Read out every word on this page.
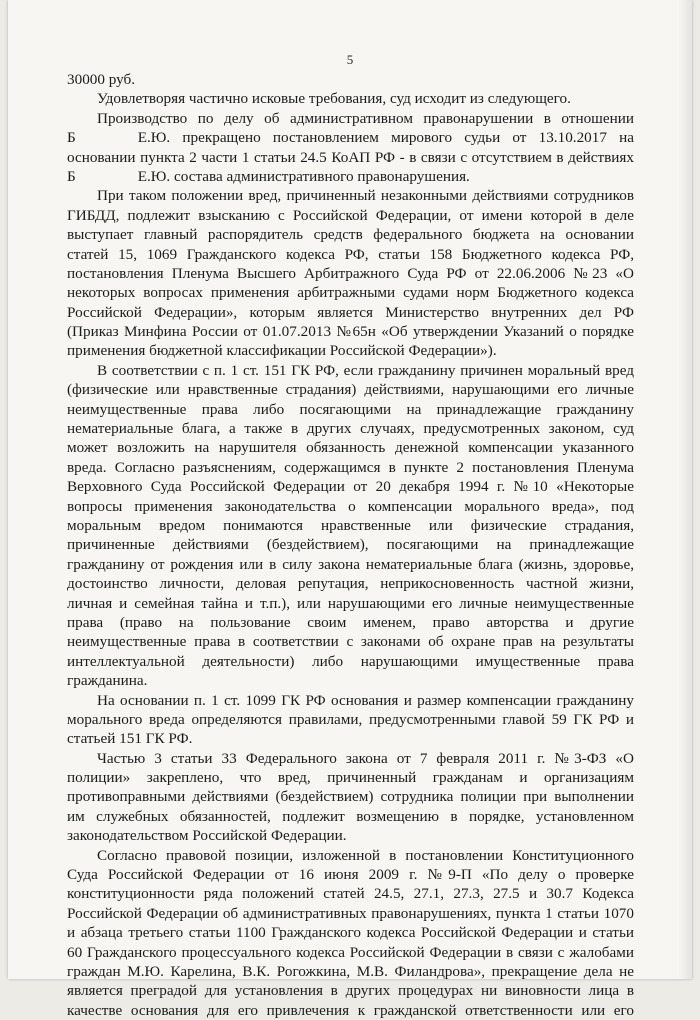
5
30000 руб.
Удовлетворяя частично исковые требования, суд исходит из следующего.
Производство по делу об административном правонарушении в отношении
Б	Е.Ю. прекращено постановлением мирового судьи от 13.10.2017 на
основании пункта 2 части 1 статьи 24.5 КоАП РФ - в связи с отсутствием в действиях
Б	Е.Ю. состава административного правонарушения.
При таком положении вред, причиненный незаконными действиями сотрудников
ГИБДД, подлежит взысканию с Российской Федерации, от имени которой в деле
выступает главный распорядитель средств федерального бюджета на основании
статей 15, 1069 Гражданского кодекса РФ, статьи 158 Бюджетного кодекса РФ,
постановления Пленума Высшего Арбитражного Суда РФ от 22.06.2006 №23 «О
некоторых вопросах применения арбитражными судами норм Бюджетного кодекса
Российской Федерации», которым является Министерство внутренних дел РФ
(Приказ Минфина России от 01.07.2013 №65н «Об утверждении Указаний о порядке
применения бюджетной классификации Российской Федерации»).
В соответствии с п. 1 ст. 151 ГК РФ, если гражданину причинен моральный вред
(физические или нравственные страдания) действиями, нарушающими его личные
неимущественные права либо посягающими на принадлежащие гражданину
нематериальные блага, а также в других случаях, предусмотренных законом, суд
может возложить на нарушителя обязанность денежной компенсации указанного
вреда. Согласно разъяснениям, содержащимся в пункте 2 постановления Пленума
Верховного Суда Российской Федерации от 20 декабря 1994 г. №10 «Некоторые
вопросы применения законодательства о компенсации морального вреда», под
моральным вредом понимаются нравственные или физические страдания,
причиненные действиями (бездействием), посягающими на принадлежащие
гражданину от рождения или в силу закона нематериальные блага (жизнь, здоровье,
достоинство личности, деловая репутация, неприкосновенность частной жизни,
личная и семейная тайна и т.п.), или нарушающими его личные неимущественные
права (право на пользование своим именем, право авторства и другие
неимущественные права в соответствии с законами об охране прав на результаты
интеллектуальной деятельности) либо нарушающими имущественные права
гражданина.
На основании п. 1 ст. 1099 ГК РФ основания и размер компенсации гражданину
морального вреда определяются правилами, предусмотренными главой 59 ГК РФ и
статьей 151 ГК РФ.
Частью 3 статьи 33 Федерального закона от 7 февраля 2011 г. №3-ФЗ «О
полиции» закреплено, что вред, причиненный гражданам и организациям
противоправными действиями (бездействием) сотрудника полиции при выполнении
им служебных обязанностей, подлежит возмещению в порядке, установленном
законодательством Российской Федерации.
Согласно правовой позиции, изложенной в постановлении Конституционного
Суда Российской Федерации от 16 июня 2009 г. №9-П «По делу о проверке
конституционности ряда положений статей 24.5, 27.1, 27.3, 27.5 и 30.7 Кодекса
Российской Федерации об административных правонарушениях, пункта 1 статьи 1070
и абзаца третьего статьи 1100 Гражданского кодекса Российской Федерации и статьи
60 Гражданского процессуального кодекса Российской Федерации в связи с жалобами
граждан М.Ю. Карелина, В.К. Рогожкина, М.В. Филандрова», прекращение дела не
является преградой для установления в других процедурах ни виновности лица в
качестве основания для его привлечения к гражданской ответственности или его
